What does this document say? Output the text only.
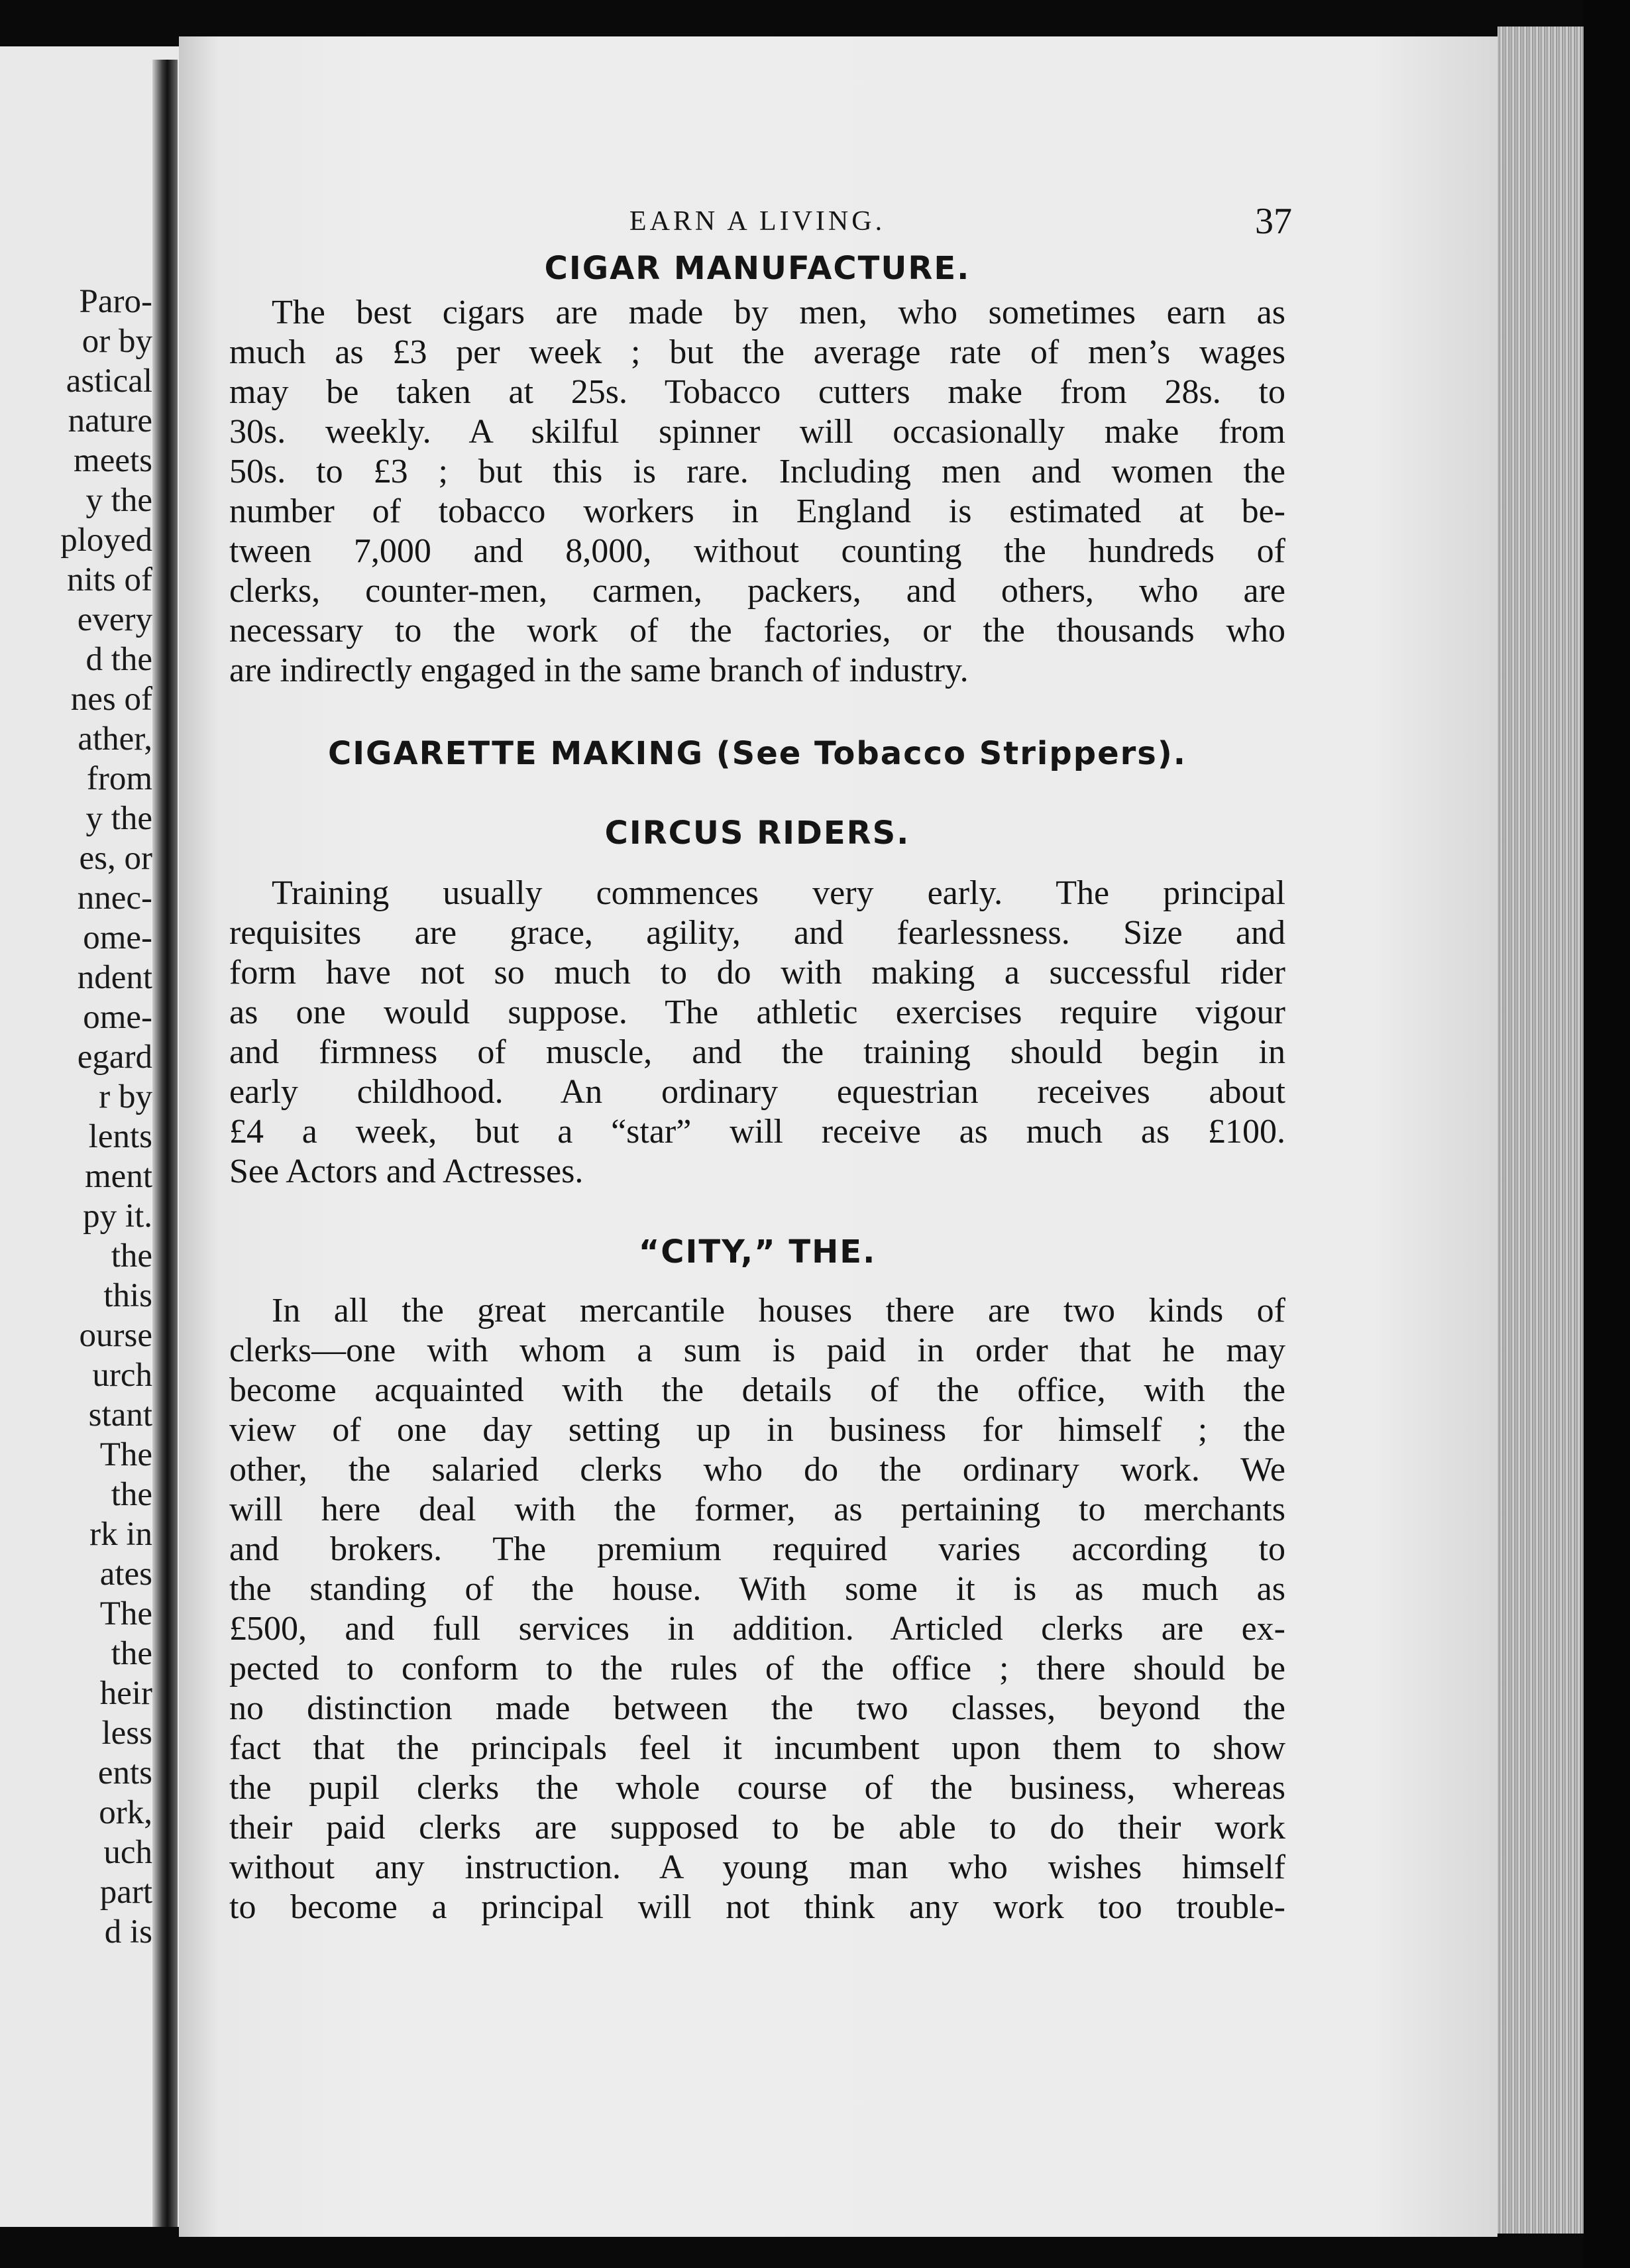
Paro-
or by
astical
nature
meets
y the
ployed
nits of
every
d the
nes of
ather,
from
y the
es, or
nnec-
ome-
ndent
ome-
egard
r by
lents
ment
py it.
the
this
ourse
urch
stant
The
the
rk in
ates
The
the
heir
less
ents
ork,
uch
part
d is
EARN A LIVING.	37
CIGAR MANUFACTURE.
The best cigars are made by men, who sometimes earn as
much as £3 per week ; but the average rate of men’s wages
may be taken at 25s. Tobacco cutters make from 28s. to
30s. weekly. A skilful spinner will occasionally make from
50s. to £3 ; but this is rare. Including men and women the
number of tobacco workers in England is estimated at be-
tween 7,000 and 8,000, without counting the hundreds of
clerks, counter-men, carmen, packers, and others, who are
necessary to the work of the factories, or the thousands who
are indirectly engaged in the same branch of industry.
CIGARETTE MAKING (See Tobacco Strippers).
CIRCUS RIDERS.
Training usually commences very early. The principal
requisites are grace, agility, and fearlessness. Size and
form have not so much to do with making a successful rider
as one would suppose. The athletic exercises require vigour
and firmness of muscle, and the training should begin in
early childhood. An ordinary equestrian receives about
£4 a week, but a “star” will receive as much as £100.
See Actors and Actresses.
“CITY,” THE.
In all the great mercantile houses there are two kinds of
clerks—one with whom a sum is paid in order that he may
become acquainted with the details of the office, with the
view of one day setting up in business for himself ; the
other, the salaried clerks who do the ordinary work. We
will here deal with the former, as pertaining to merchants
and brokers. The premium required varies according to
the standing of the house. With some it is as much as
£500, and full services in addition. Articled clerks are ex-
pected to conform to the rules of the office ; there should be
no distinction made between the two classes, beyond the
fact that the principals feel it incumbent upon them to show
the pupil clerks the whole course of the business, whereas
their paid clerks are supposed to be able to do their work
without any instruction. A young man who wishes himself
to become a principal will not think any work too trouble-
